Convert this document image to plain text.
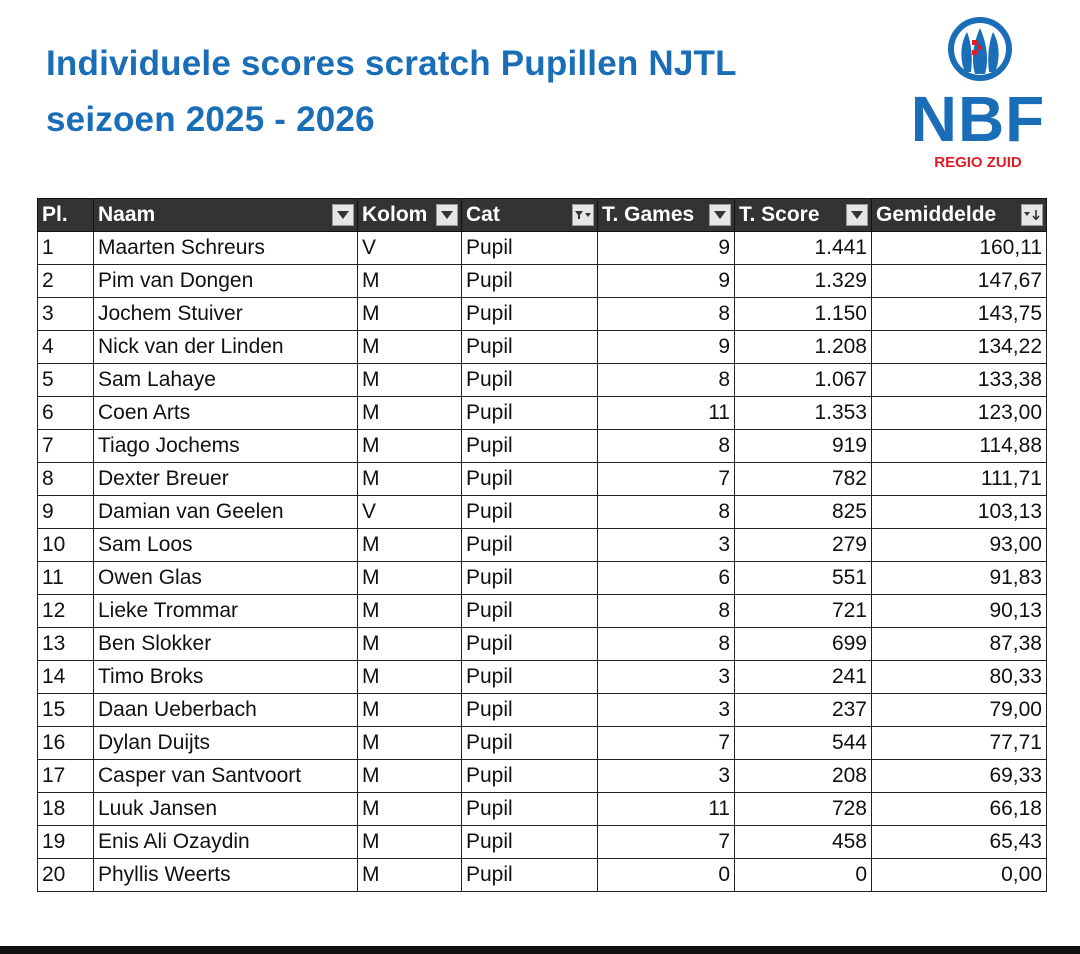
Individuele scores scratch Pupillen NJTL
seizoen 2025 - 2026	NBF
REGIO ZUID
Pl.	Naam	Kolom	Cat	T. Games	T. Score	Gemiddelde

1	Maarten Schreurs	V	Pupil	9	1.441	160,11
2	Pim van Dongen	M	Pupil	9	1.329	147,67
3	Jochem Stuiver	M	Pupil	8	1.150	143,75
4	Nick van der Linden	M	Pupil	9	1.208	134,22
5	Sam Lahaye	M	Pupil	8	1.067	133,38
6	Coen Arts	M	Pupil	11	1.353	123,00
7	Tiago Jochems	M	Pupil	8	919	114,88
8	Dexter Breuer	M	Pupil	7	782	111,71
9	Damian van Geelen	V	Pupil	8	825	103,13
10	Sam Loos	M	Pupil	3	279	93,00
11	Owen Glas	M	Pupil	6	551	91,83
12	Lieke Trommar	M	Pupil	8	721	90,13
13	Ben Slokker	M	Pupil	8	699	87,38
14	Timo Broks	M	Pupil	3	241	80,33
15	Daan Ueberbach	M	Pupil	3	237	79,00
16	Dylan Duijts	M	Pupil	7	544	77,71
17	Casper van Santvoort	M	Pupil	3	208	69,33
18	Luuk Jansen	M	Pupil	11	728	66,18
19	Enis Ali Ozaydin	M	Pupil	7	458	65,43
20	Phyllis Weerts	M	Pupil	0	0	0,00
